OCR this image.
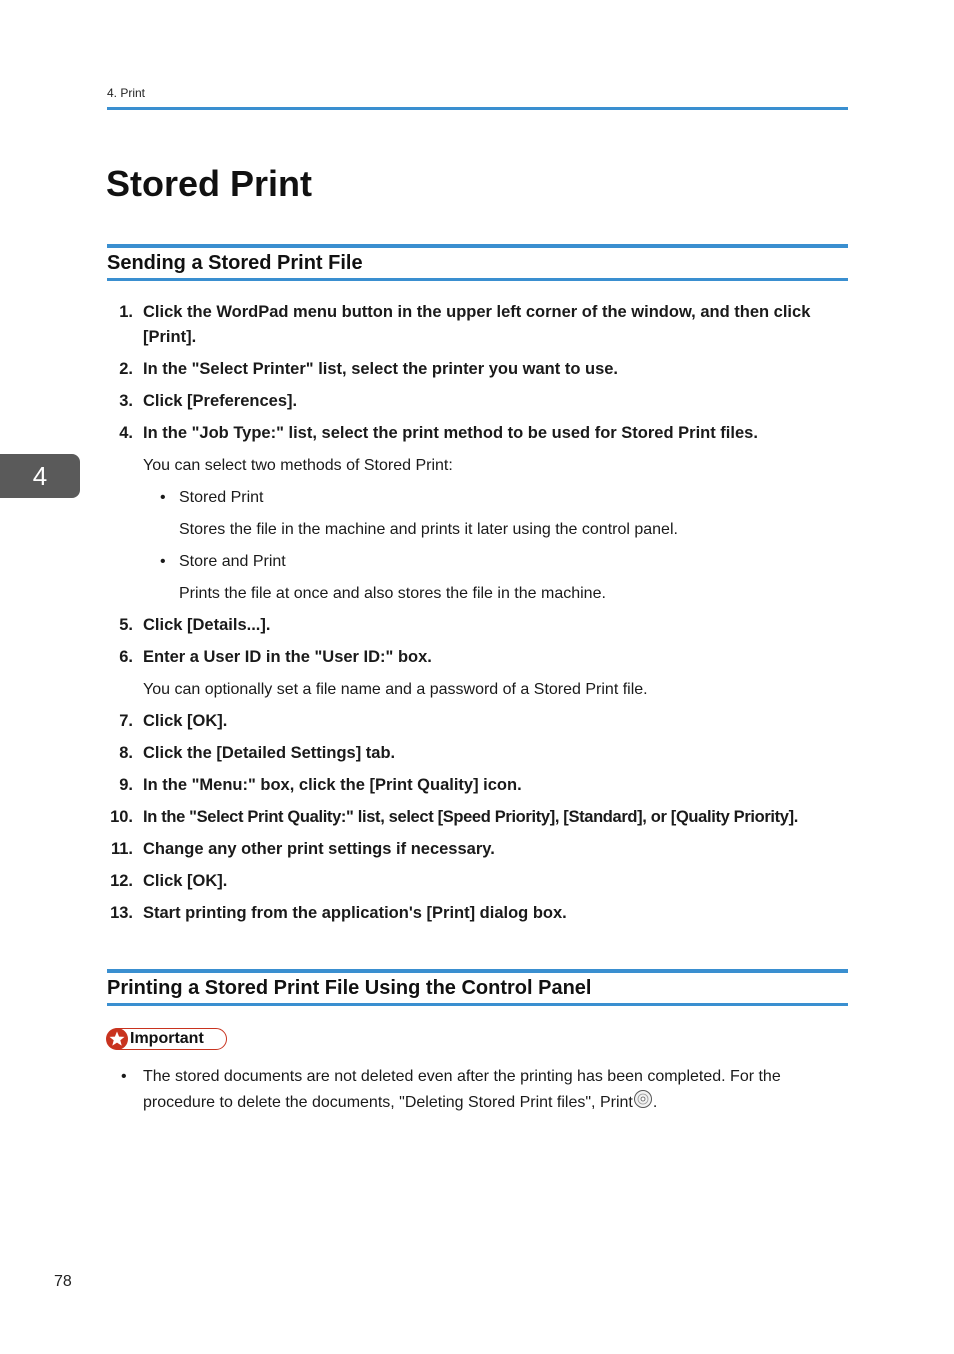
4. Print
Stored Print
Sending a Stored Print File
4
1. Click the WordPad menu button in the upper left corner of the window, and then click [Print].
2. In the "Select Printer" list, select the printer you want to use.
3. Click [Preferences].
4. In the "Job Type:" list, select the print method to be used for Stored Print files.
You can select two methods of Stored Print:
• Stored Print
Stores the file in the machine and prints it later using the control panel.
• Store and Print
Prints the file at once and also stores the file in the machine.
5. Click [Details...].
6. Enter a User ID in the "User ID:" box.
You can optionally set a file name and a password of a Stored Print file.
7. Click [OK].
8. Click the [Detailed Settings] tab.
9. In the "Menu:" box, click the [Print Quality] icon.
10. In the "Select Print Quality:" list, select [Speed Priority], [Standard], or [Quality Priority].
11. Change any other print settings if necessary.
12. Click [OK].
13. Start printing from the application's [Print] dialog box.
Printing a Stored Print File Using the Control Panel
Important
•	The stored documents are not deleted even after the printing has been completed. For the procedure to delete the documents, "Deleting Stored Print files", Print .
78
